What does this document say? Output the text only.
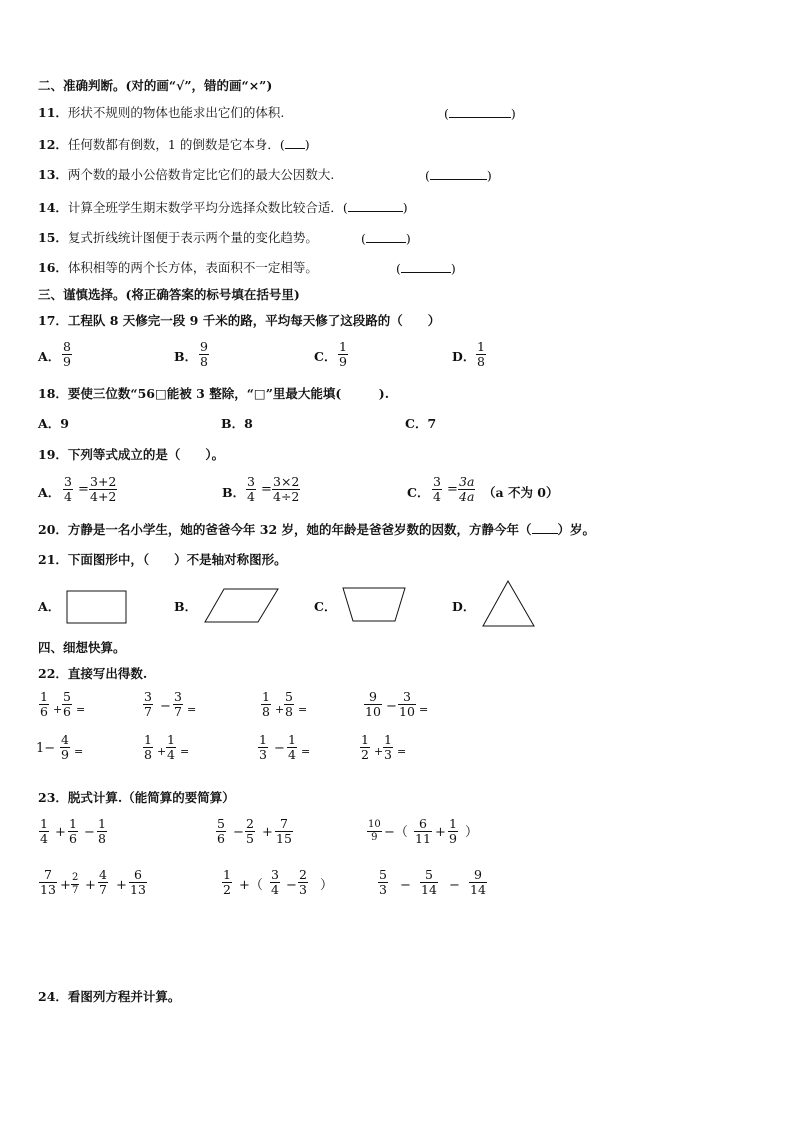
二、准确判断。(对的画“√”，错的画“×”)
11．形状不规则的物体也能求出它们的体积.	(	)
12．任何数都有倒数，1 的倒数是它本身．( )
13．两个数的最小公倍数肯定比它们的最大公因数大.	(	)
14．计算全班学生期末数学平均分选择众数比较合适．(	)
15．复式折线统计图便于表示两个量的变化趋势。	(	)
16．体积相等的两个长方体，表面积不一定相等。	(	)
三、谨慎选择。(将正确答案的标号填在括号里)
17．工程队 8 天修完一段 9 千米的路，平均每天修了这段路的（　　）
A． $\frac{8}{9}$	B． $\frac{9}{8}$	C． $\frac{1}{9}$	D． $\frac{1}{8}$
18．要使三位数“56□能被 3 整除，“□”里最大能填(　　　).
A．9	B．8	C．7
19．下列等式成立的是（　　）。
A． $\frac{3}{4} = \frac{3+2}{4+2}$	B． $\frac{3}{4} = \frac{3\times 2}{4\div 2}$	C． $\frac{3}{4} = \frac{3a}{4a} (a$ 不为 0）
20．方静是一名小学生，她的爸爸今年 32 岁，她的年龄是爸爸岁数的因数，方静今年（ ）岁。
21．下面图形中，（　　）不是轴对称图形。
A．	B．	C．	D．
四、细想快算。
22．直接写出得数.
$\frac{1}{6} + \frac{5}{6}$ =	$\frac{3}{7} - \frac{3}{7}$ =	$\frac{1}{8} + \frac{5}{8}$ =	$\frac{9}{10} - \frac{3}{10}$ =
$1- \frac{4}{9}$ =	$\frac{1}{8} + \frac{1}{4}$ =	$\frac{1}{3} - \frac{1}{4}$ =	$\frac{1}{2} + \frac{1}{3}$ =
23．脱式计算.（能简算的要简算）
$\frac{1}{4} + \frac{1}{6} - \frac{1}{8}$	$\frac{5}{6} - \frac{2}{5} + \frac{7}{15}$	$\frac{10}{9}$ −（ $\frac{6}{11} + \frac{1}{9}$ ）
$\frac{7}{13} + \frac{2}{7} + \frac{4}{7} + \frac{6}{13}$	$\frac{1}{2}$ +（ $\frac{3}{4} - \frac{2}{3}$ ）	$\frac{5}{3} - \frac{5}{14} - \frac{9}{14}$
24．看图列方程并计算。
